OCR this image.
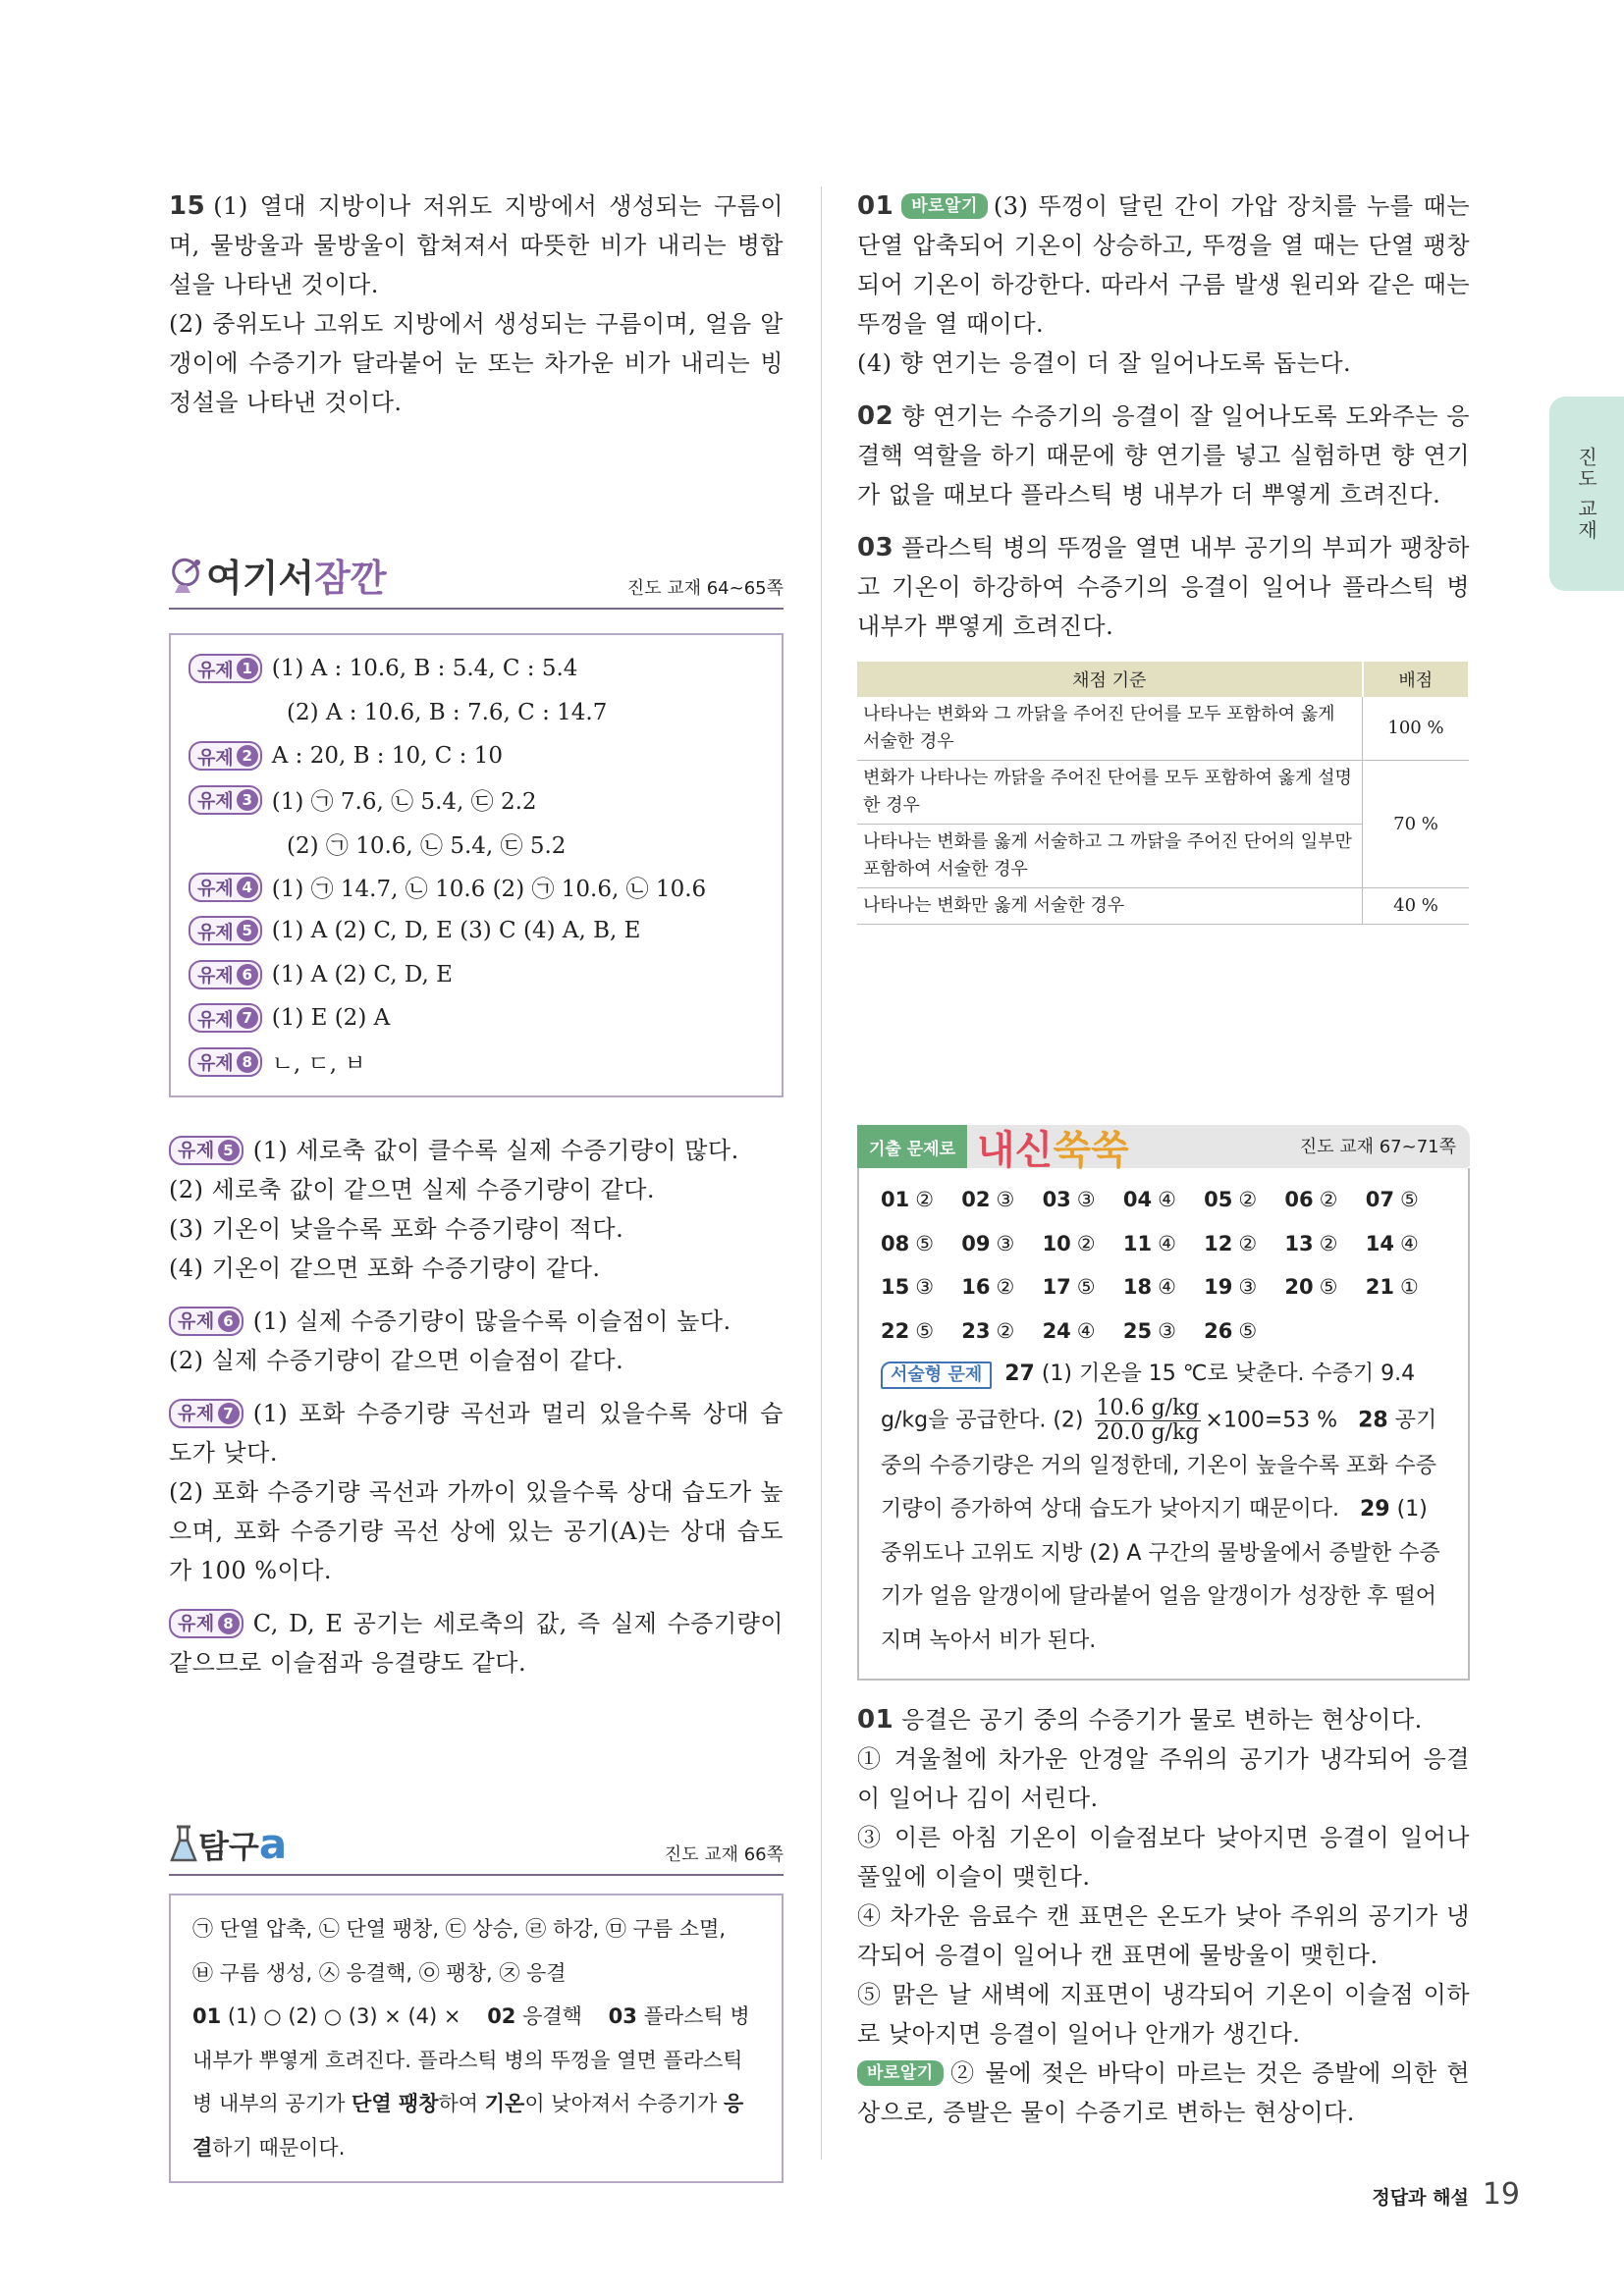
15 (1) 열대 지방이나 저위도 지방에서 생성되는 구름이며, 물방울과 물방울이 합쳐져서 따뜻한 비가 내리는 병합설을 나타낸 것이다.

(2) 중위도나 고위도 지방에서 생성되는 구름이며, 얼음 알갱이에 수증기가 달라붙어 눈 또는 차가운 비가 내리는 빙정설을 나타낸 것이다.

여기서 잠깐	진도 교재 64~65쪽
유제 1 (1) A : 10.6, B : 5.4, C : 5.4
(2) A : 10.6, B : 7.6, C : 14.7
유제 2 A : 20, B : 10, C : 10
유제 3 (1) ㉠ 7.6, ㉡ 5.4, ㉢ 2.2
(2) ㉠ 10.6, ㉡ 5.4, ㉢ 5.2
유제 4 (1) ㉠ 14.7, ㉡ 10.6 (2) ㉠ 10.6, ㉡ 10.6
유제 5 (1) A (2) C, D, E (3) C (4) A, B, E
유제 6 (1) A (2) C, D, E
유제 7 (1) E (2) A
유제 8 ㄴ, ㄷ, ㅂ

유제 5 (1) 세로축 값이 클수록 실제 수증기량이 많다.

(2) 세로축 값이 같으면 실제 수증기량이 같다.

(3) 기온이 낮을수록 포화 수증기량이 적다.

(4) 기온이 같으면 포화 수증기량이 같다.

유제 6 (1) 실제 수증기량이 많을수록 이슬점이 높다.

(2) 실제 수증기량이 같으면 이슬점이 같다.

유제 7 (1) 포화 수증기량 곡선과 멀리 있을수록 상대 습도가 낮다.

(2) 포화 수증기량 곡선과 가까이 있을수록 상대 습도가 높으며, 포화 수증기량 곡선 상에 있는 공기(A)는 상대 습도가 100 %이다.

유제 8 C, D, E 공기는 세로축의 값, 즉 실제 수증기량이 같으므로 이슬점과 응결량도 같다.

탐구 a	진도 교재 66쪽

㉠ 단열 압축, ㉡ 단열 팽창, ㉢ 상승, ㉣ 하강, ㉤ 구름 소멸,

㉥ 구름 생성, ㉦ 응결핵, ㉧ 팽창, ㉨ 응결

01 (1) ○ (2) ○ (3) × (4) × 02 응결핵 03 플라스틱 병 내부가 뿌옇게 흐려진다. 플라스틱 병의 뚜껑을 열면 플라스틱 병 내부의 공기가 단열 팽창하여 기온이 낮아져서 수증기가 응결하기 때문이다.

01 바로알기 (3) 뚜껑이 달린 간이 가압 장치를 누를 때는 단열 압축되어 기온이 상승하고, 뚜껑을 열 때는 단열 팽창되어 기온이 하강한다. 따라서 구름 발생 원리와 같은 때는 뚜껑을 열 때이다.

(4) 향 연기는 응결이 더 잘 일어나도록 돕는다.

02 향 연기는 수증기의 응결이 잘 일어나도록 도와주는 응결핵 역할을 하기 때문에 향 연기를 넣고 실험하면 향 연기가 없을 때보다 플라스틱 병 내부가 더 뿌옇게 흐려진다.

03 플라스틱 병의 뚜껑을 열면 내부 공기의 부피가 팽창하고 기온이 하강하여 수증기의 응결이 일어나 플라스틱 병 내부가 뿌옇게 흐려진다.

채점 기준	배점
나타나는 변화와 그 까닭을 주어진 단어를 모두 포함하여 옳게 서술한 경우	100 %
변화가 나타나는 까닭을 주어진 단어를 모두 포함하여 옳게 설명한 경우	70 %
나타나는 변화를 옳게 서술하고 그 까닭을 주어진 단어의 일부만 포함하여 서술한 경우	
나타나는 변화만 옳게 서술한 경우	40 %
기출 문제로 내신쑥쑥	진도 교재 67~71쪽
01 ② 02 ③ 03 ③ 04 ④ 05 ② 06 ② 07 ⑤
08 ⑤ 09 ③ 10 ② 11 ④ 12 ② 13 ② 14 ④
15 ③ 16 ② 17 ⑤ 18 ④ 19 ③ 20 ⑤ 21 ①
22 ⑤ 23 ② 24 ④ 25 ③ 26 ⑤
서술형 문제 27 (1) 기온을 15 ℃로 낮춘다. 수증기 9.4 g/kg을 공급한다. $(2) \frac{10.6 g/kg}{20.0 g/kg} \times 100=53$ % 28 공기 중의 수증기량은 거의 일정한데, 기온이 높을수록 포화 수증기량이 증가하여 상대 습도가 낮아지기 때문이다. 29 (1) 중위도나 고위도 지방 (2) A 구간의 물방울에서 증발한 수증기가 얼음 알갱이에 달라붙어 얼음 알갱이가 성장한 후 떨어지며 녹아서 비가 된다.

01 응결은 공기 중의 수증기가 물로 변하는 현상이다.

① 겨울철에 차가운 안경알 주위의 공기가 냉각되어 응결이 일어나 김이 서린다.

③ 이른 아침 기온이 이슬점보다 낮아지면 응결이 일어나 풀잎에 이슬이 맺힌다.

④ 차가운 음료수 캔 표면은 온도가 낮아 주위의 공기가 냉각되어 응결이 일어나 캔 표면에 물방울이 맺힌다.

⑤ 맑은 날 새벽에 지표면이 냉각되어 기온이 이슬점 이하로 낮아지면 응결이 일어나 안개가 생긴다.

바로알기 ② 물에 젖은 바닥이 마르는 것은 증발에 의한 현상으로, 증발은 물이 수증기로 변하는 현상이다.

진도 교재
정답과 해설 19
